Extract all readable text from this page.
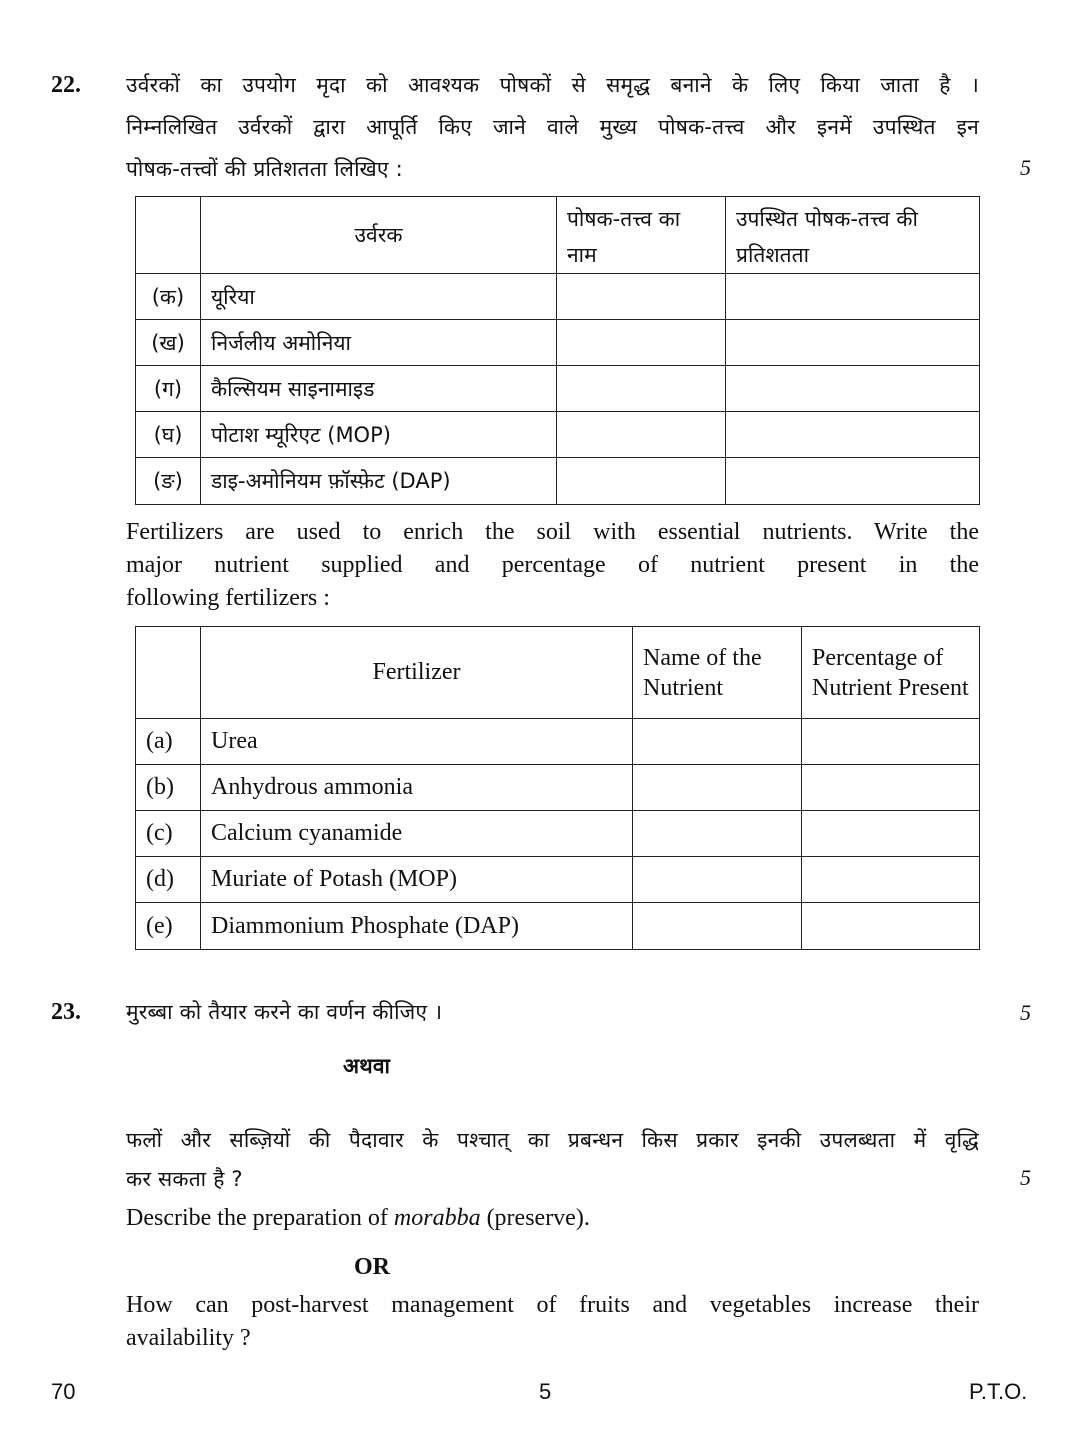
22. उर्वरकों का उपयोग मृदा को आवश्यक पोषकों से समृद्ध बनाने के लिए किया जाता है ।
निम्नलिखित उर्वरकों द्वारा आपूर्ति किए जाने वाले मुख्य पोषक-तत्त्व और इनमें उपस्थित इन
पोषक-तत्त्वों की प्रतिशतता लिखिए :	5
	उर्वरक	पोषक-तत्त्व का नाम	उपस्थित पोषक-तत्त्व की प्रतिशतता
(क)	यूरिया		
(ख)	निर्जलीय अमोनिया		
(ग)	कैल्सियम साइनामाइड		
(घ)	पोटाश म्यूरिएट (MOP)		
(ङ)	डाइ-अमोनियम फ़ॉस्फ़ेट (DAP)		
Fertilizers are used to enrich the soil with essential nutrients. Write the
major nutrient supplied and percentage of nutrient present in the
following fertilizers :
	Fertilizer	Name of the Nutrient	Percentage of Nutrient Present
(a)	Urea		
(b)	Anhydrous ammonia		
(c)	Calcium cyanamide		
(d)	Muriate of Potash (MOP)		
(e)	Diammonium Phosphate (DAP)		
23. मुरब्बा को तैयार करने का वर्णन कीजिए ।	5
अथवा
फलों और सब्ज़ियों की पैदावार के पश्चात् का प्रबन्धन किस प्रकार इनकी उपलब्धता में वृद्धि
कर सकता है ?	5
Describe the preparation of morabba (preserve).
OR
How can post-harvest management of fruits and vegetables increase their
availability ?
70	5	P.T.O.
